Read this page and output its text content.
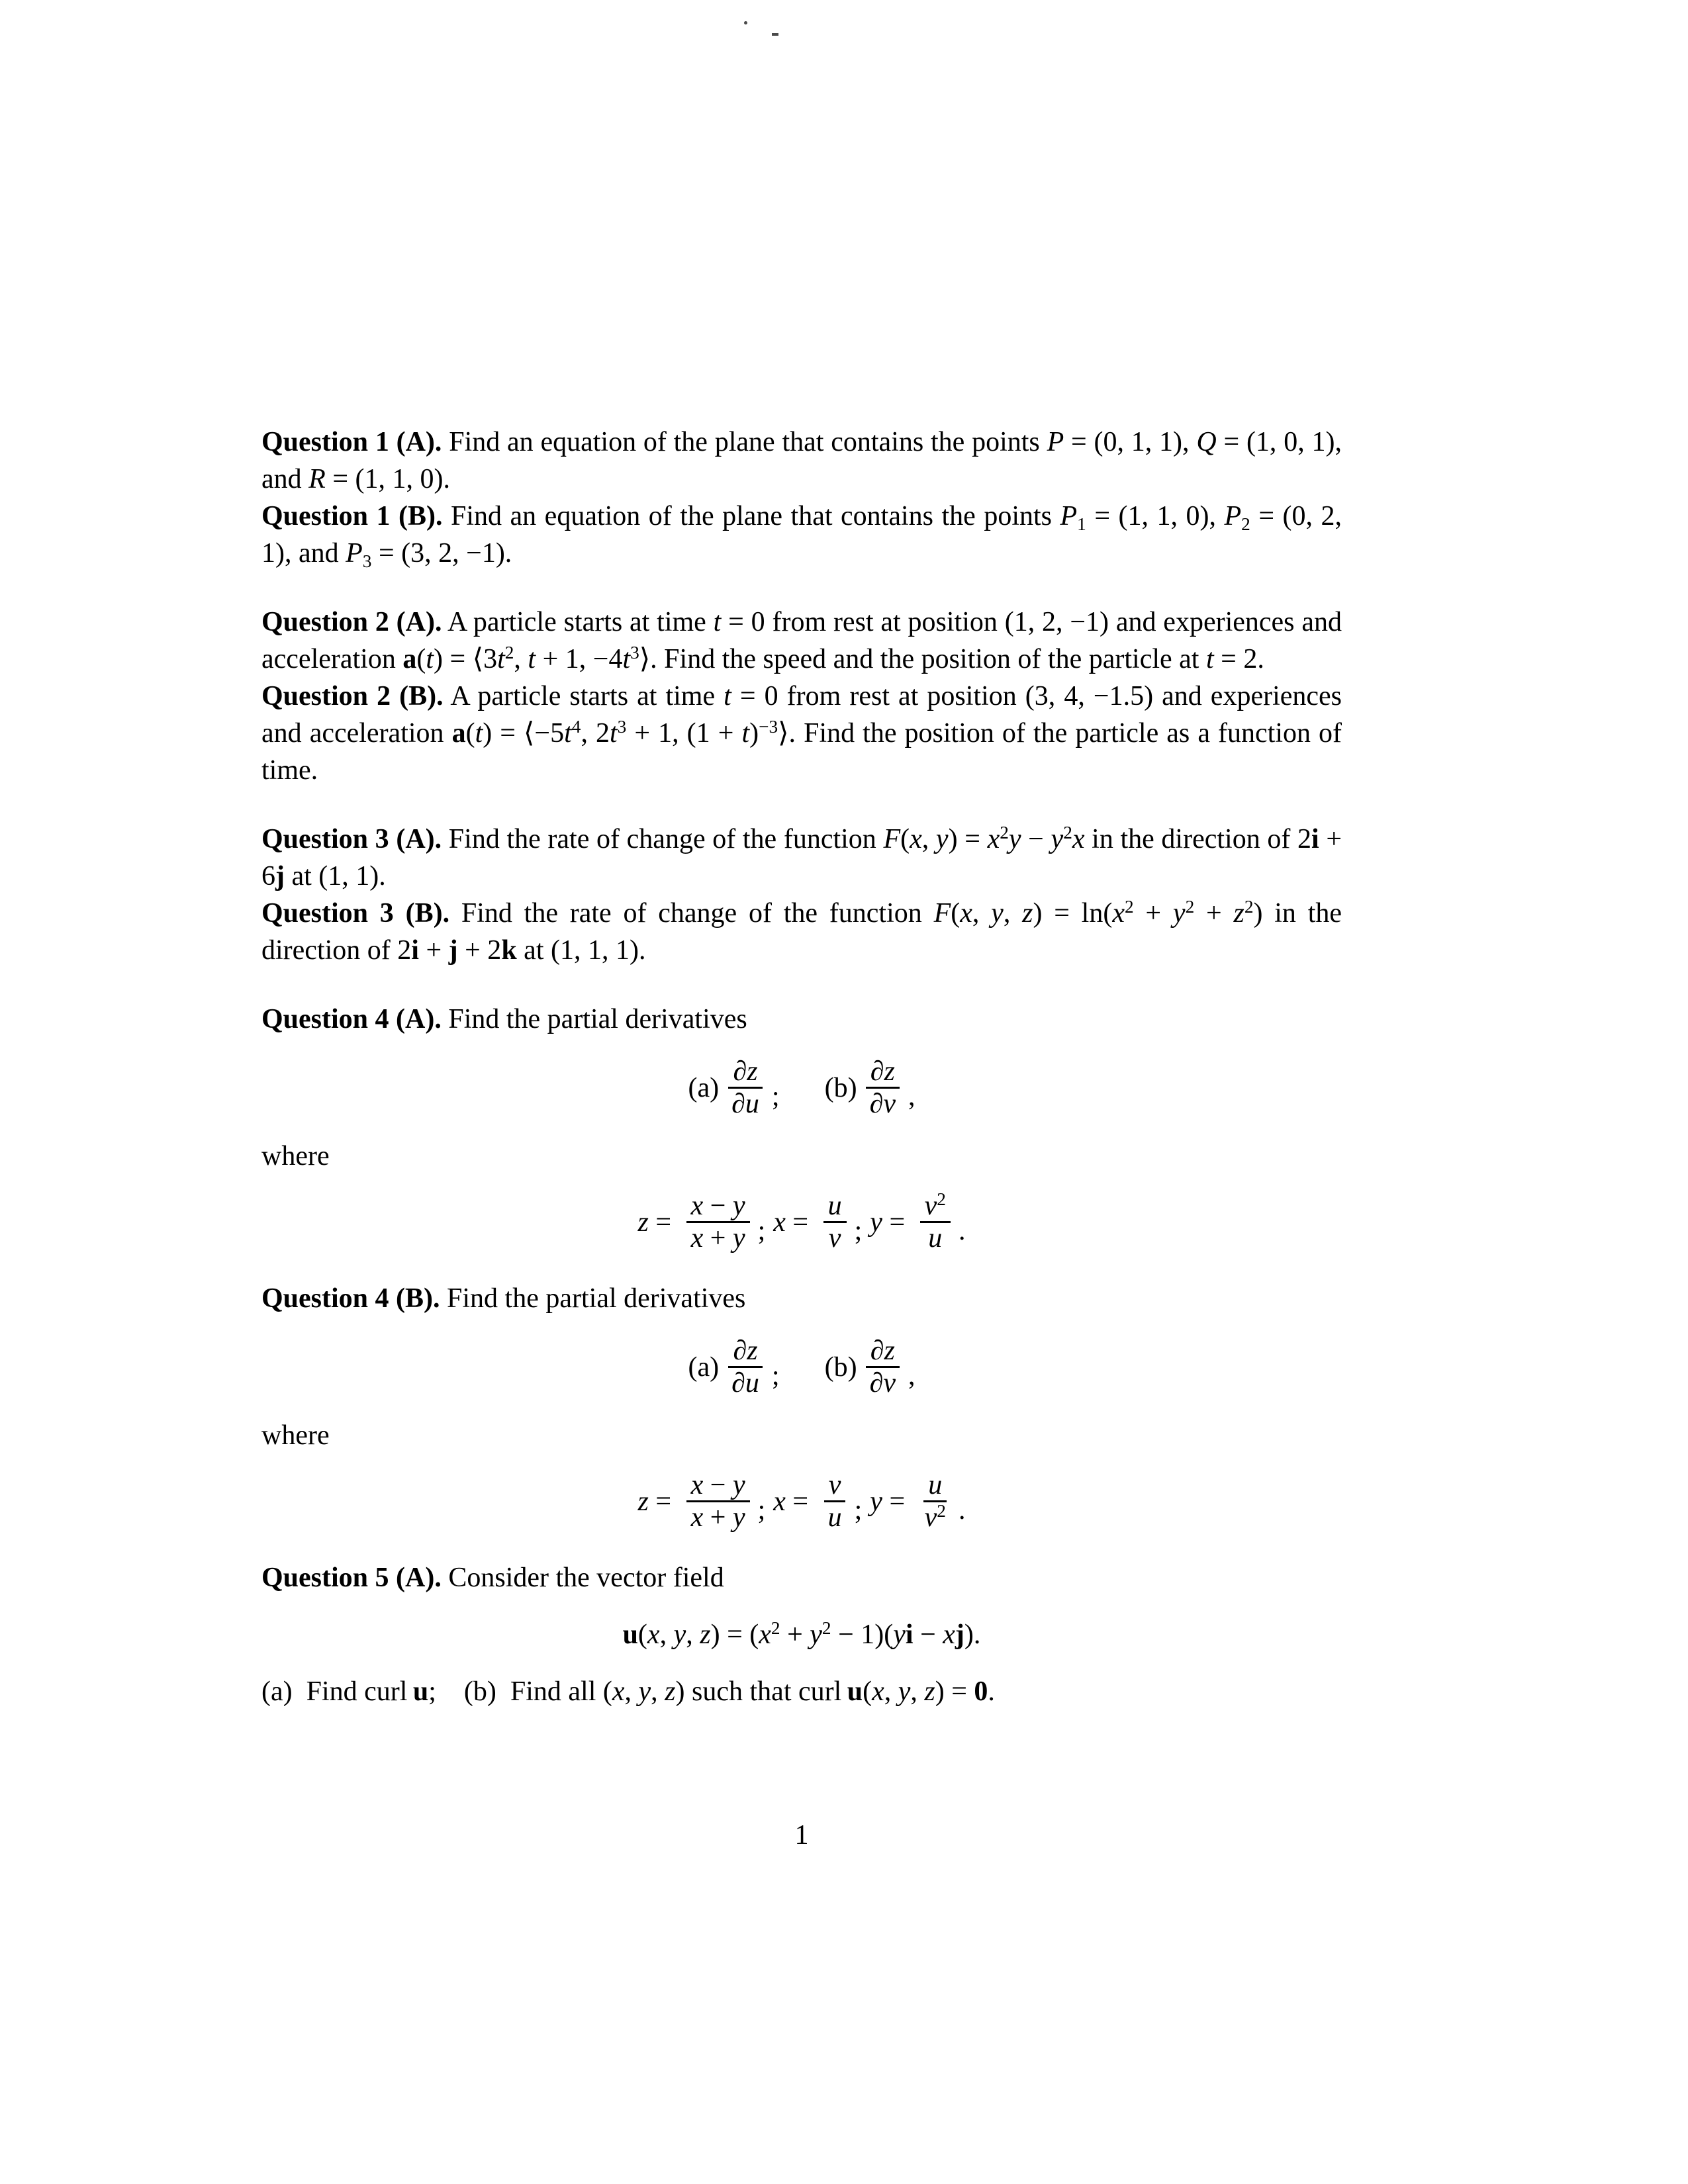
Question 1 (A). Find an equation of the plane that contains the points P = (0, 1, 1), Q = (1, 0, 1), and R = (1, 1, 0).

Question 1 (B). Find an equation of the plane that contains the points P1 = (1, 1, 0), P2 = (0, 2, 1), and P3 = (3, 2, −1).

Question 2 (A). A particle starts at time t = 0 from rest at position (1, 2, −1) and experiences and acceleration $a(t) = ⟨3t^2$, t + 1, $-4t^3⟩$. Find the speed and the position of the particle at t = 2.

Question 2 (B). A particle starts at time t = 0 from rest at position (3, 4, −1.5) and experiences and acceleration $a(t) = ⟨-5t^4$, $2t^3 + 1$, $(1 + t)^{-3}⟩$. Find the position of the particle as a function of time.

Question 3 (A). Find the rate of change of the function F(x, $y) = x^2y - y^2x$ in the direction of 2i + 6j at (1, 1).

Question 3 (B). Find the rate of change of the function F(x, y, $z) = \ln(x^2 + y^2 + z^2)$ in the direction of 2i + j + 2k at (1, 1, 1).

Question 4 (A). Find the partial derivatives

$(a) \frac{\partial z}{\partial u}$ ; $(b) \frac{\partial z}{\partial v}$ ,

where

$z = \frac{x - y}{x + y}$ ; $x = \frac{u}{v}$ ; $y = \frac{v^2}{u}$ .

Question 4 (B). Find the partial derivatives

$(a) \frac{\partial z}{\partial u}$ ; $(b) \frac{\partial z}{\partial v}$ ,

where

$z = \frac{x - y}{x + y}$ ; $x = \frac{v}{u}$ ; $y = \frac{u}{v^2}$ .

Question 5 (A). Consider the vector field

u(x, y, $z) = (x^2 + y^2 - 1)(yi - xj)$.

(a) Find curl u;  (b) Find all (x, y, z) such that curl u(x, y, z) = 0.

1
